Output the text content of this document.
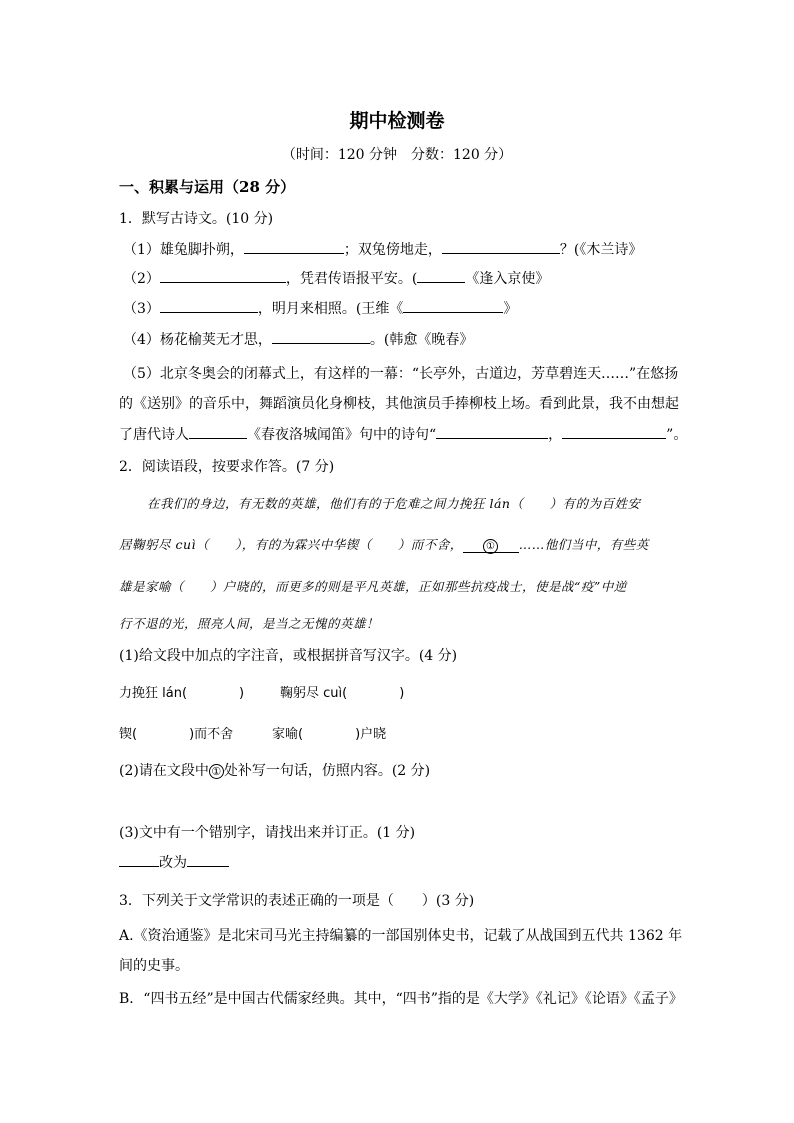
期中检测卷
（时间：120 分钟　分数：120 分）
一、积累与运用（28 分）
1．默写古诗文。(10 分)
（1）雄兔脚扑朔，	；双兔傍地走，	？(《木兰诗》
（2）	，凭君传语报平安。(	《逢入京使》
（3）	，明月来相照。(王维《	》
（4）杨花榆荚无才思，	。(韩愈《晚春》
（5）北京冬奥会的闭幕式上，有这样的一幕：“长亭外，古道边，芳草碧连天……”在悠扬
的《送别》的音乐中，舞蹈演员化身柳枝，其他演员手捧柳枝上场。看到此景，我不由想起
了唐代诗人	《春夜洛城闻笛》句中的诗句“	，	”。
2．阅读语段，按要求作答。(7 分)
在我们的身边，有无数的英雄，他们有的于危难之间力挽狂 lán（　　）有的为百姓安
居鞠躬尽 cuì（　　），有的为霖兴中华锲（　　）而不舍， ① ……他们当中，有些英
雄是家喻（　　）户晓的，而更多的则是平凡英雄，正如那些抗疫战士，使是战“疫”中逆
行不退的光，照亮人间，是当之无愧的英雄！
(1)给文段中加点的字注音，或根据拼音写汉字。(4 分)
力挽狂 lán(　　　　)	鞠躬尽 cuì(　　　　)
锲(　　　　)而不舍	家喻(　　　　)户晓
(2)请在文段中 ① 处补写一句话，仿照内容。(2 分)
(3)文中有一个错别字，请找出来并订正。(1 分)
改为
3．下列关于文学常识的表述正确的一项是（　　）(3 分)
A.《资治通鉴》是北宋司马光主持编纂的一部国别体史书，记载了从战国到五代共 1362 年
间的史事。
B．“四书五经”是中国古代儒家经典。其中，“四书”指的是《大学》《礼记》《论语》《孟子》
